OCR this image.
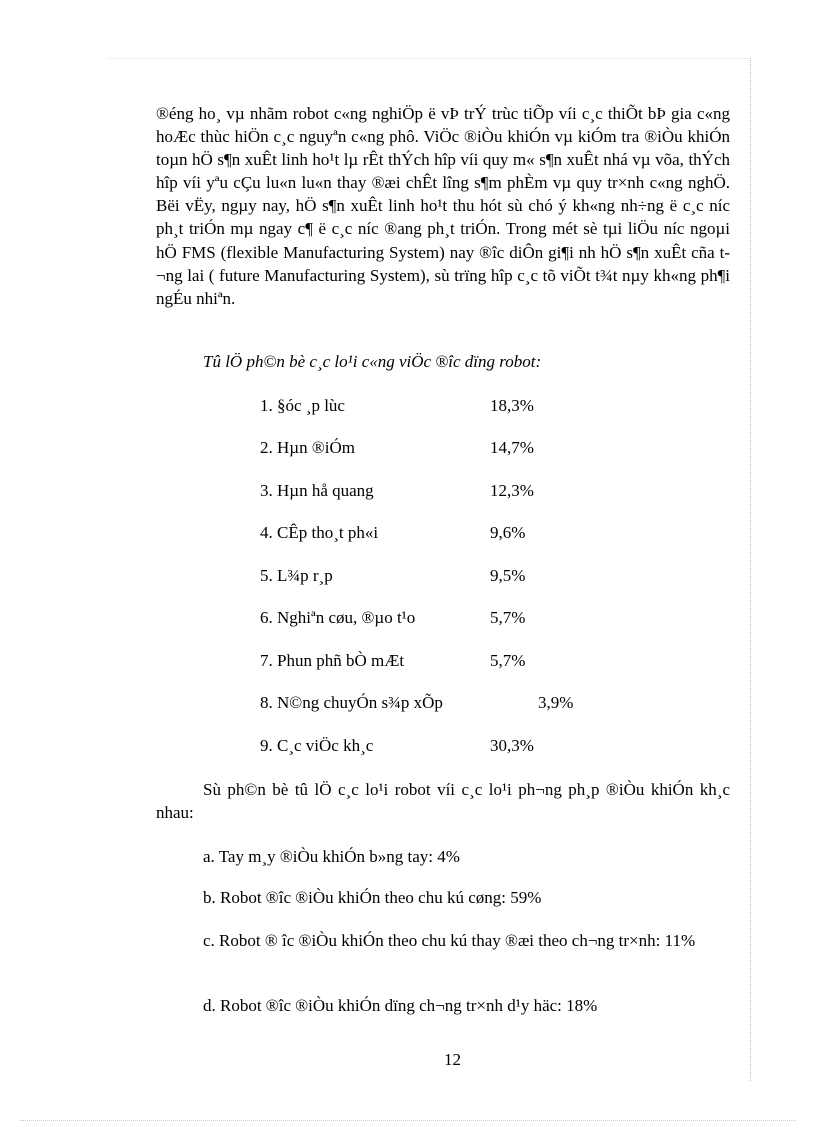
®éng ho¸ vµ nhãm robot c«ng nghiÖp ë vÞ trÝ trùc tiÕp víi c¸c thiÕt bÞ gia c«ng hoÆc thùc hiÖn c¸c nguyªn c«ng phô. ViÖc ®iÒu khiÓn vµ kiÓm tra ®iÒu khiÓn toµn hÖ s¶n xuÊt linh ho¹t lµ rÊt thÝch hîp víi quy m« s¶n xuÊt nhá vµ võa, thÝch hîp víi yªu cÇu lu«n lu«n thay ®æi chÊt lîng s¶m phÈm vµ quy tr×nh c«ng nghÖ. Bëi vËy, ngµy nay, hÖ s¶n xuÊt linh ho¹t thu hót sù chó ý kh«ng nh÷ng ë c¸c níc ph¸t triÓn mµ ngay c¶ ë c¸c níc ®ang ph¸t triÓn. Trong mét sè tµi liÖu níc ngoµi hÖ FMS (flexible Manufacturing System) nay ®îc diÔn gi¶i nh hÖ s¶n xuÊt cña t¬ng lai ( future Manufacturing System), sù trïng hîp c¸c tõ viÕt t¾t nµy kh«ng ph¶i ngÉu nhiªn.

Tû lÖ ph©n bè c¸c lo¹i c«ng viÖc ®îc dïng robot:

1. §óc ¸p lùc	18,3%
2. Hµn ®iÓm	14,7%
3. Hµn hå quang	12,3%
4. CÊp tho¸t ph«i	9,6%
5. L¾p r¸p	9,5%
6. Nghiªn cøu, ®µo t¹o	5,7%
7. Phun phñ bÒ mÆt	5,7%
8. N©ng chuyÓn s¾p xÕp	3,9%
9. C¸c viÖc kh¸c	30,3%

Sù ph©n bè tû lÖ c¸c lo¹i robot víi c¸c lo¹i ph¬ng ph¸p ®iÒu khiÓn kh¸c nhau:

a. Tay m¸y ®iÒu khiÓn b»ng tay: 4%

b. Robot ®îc ®iÒu khiÓn theo chu kú cøng: 59%

c. Robot ® îc ®iÒu khiÓn theo chu kú thay ®æi theo ch¬ng tr×nh: 11%

d. Robot ®îc ®iÒu khiÓn dïng ch¬ng tr×nh d¹y häc: 18%

12
